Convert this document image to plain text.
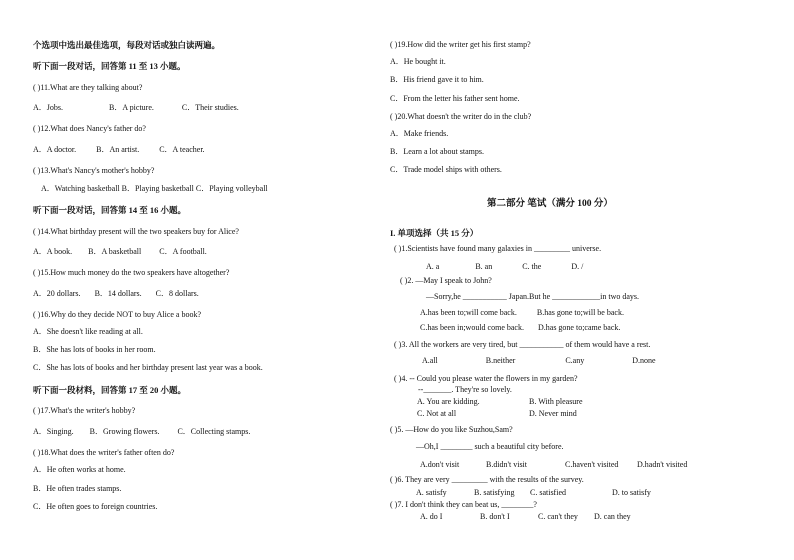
个选项中选出最佳选项，每段对话或独白读两遍。
听下面一段对话，回答第 11 至 13 小题。
( )11.What are they talking about?
A．Jobs.	B．A picture.	C．Their studies.
( )12.What does Nancy's father do?
A．A doctor.	B．An artist.	C．A teacher.
( )13.What's Nancy's mother's hobby?
A．Watching basketball B．Playing basketball C．Playing volleyball
听下面一段对话，回答第 14 至 16 小题。
( )14.What birthday present will the two speakers buy for Alice?
A．A book. B．A basketball C．A football.
( )15.How much money do the two speakers have altogether?
A．20 dollars. B．14 dollars. C．8 dollars.
( )16.Why do they decide NOT to buy Alice a book?
A．She doesn't like reading at all.
B．She has lots of books in her room.
C．She has lots of books and her birthday present last year was a book.
听下面一段材料，回答第 17 至 20 小题。
( )17.What's the writer's hobby?
A．Singing. B．Growing flowers. C．Collecting stamps.
( )18.What does the writer's father often do?
A．He often works at home.
B．He often trades stamps.
C．He often goes to foreign countries.
( )19.How did the writer get his first stamp?
A．He bought it.
B．His friend gave it to him.
C．From the letter his father sent home.
( )20.What doesn't the writer do in the club?
A．Make friends.
B．Learn a lot about stamps.
C．Trade model ships with others.
第二部分 笔试（满分 100 分）
I. 单项选择（共 15 分）
( )1.Scientists have found many galaxies in _________ universe.
A. a	B. an	C. the	D. /
( )2. —May I speak to John?
—Sorry,he ___________ Japan.But he ____________in two days.
A.has been to;will come back.	B.has gone to;will be back.
C.has been in;would come back. D.has gone to;came back.
( )3. All the workers are very tired, but ___________ of them would have a rest.
A.all	B.neither	C.any	D.none
( )4. -- Could you please water the flowers in my garden?
--_______. They're so lovely.
A. You are kidding.	B. With pleasure
C. Not at all	D. Never mind
( )5. —How do you like Suzhou,Sam?
—Oh,I ________ such a beautiful city before.
A.don't visit	B.didn't visit	C.haven't visited D.hadn't visited
( )6. They are very _________ with the results of the survey.
A. satisfy	B. satisfying C. satisfied	D. to satisfy
( )7. I don't think they can beat us, ________?
A. do I	B. don't I	C. can't they D. can they
